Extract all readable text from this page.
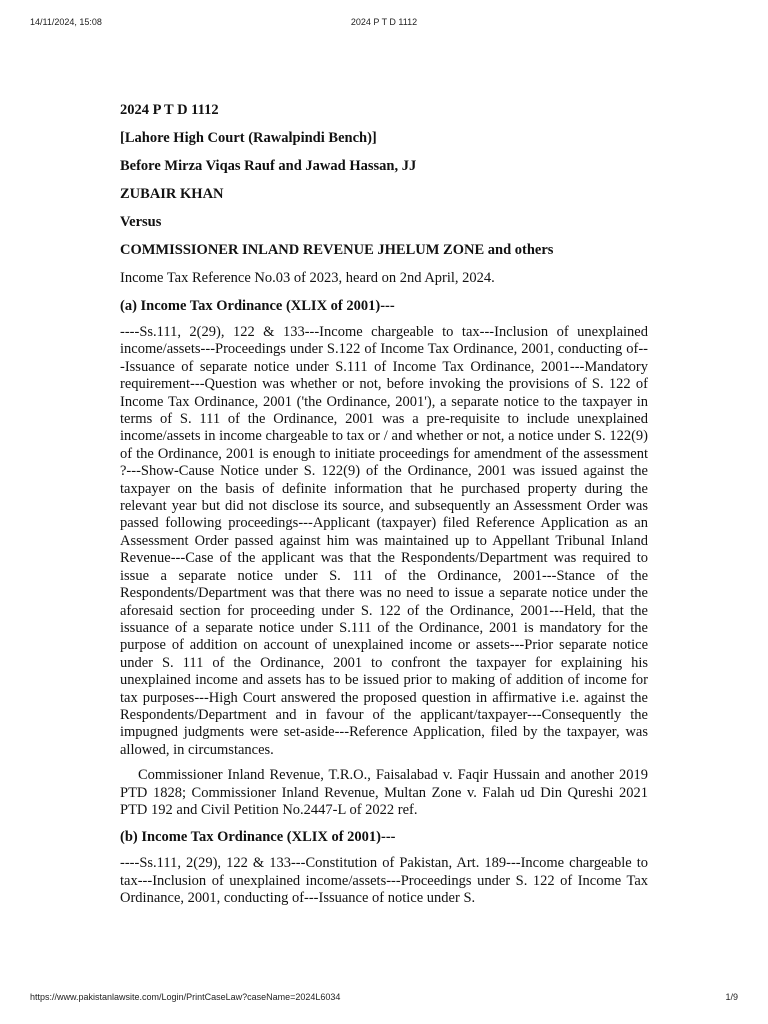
14/11/2024, 15:08	2024 P T D 1112
2024 P T D 1112
[Lahore High Court (Rawalpindi Bench)]
Before Mirza Viqas Rauf and Jawad Hassan, JJ
ZUBAIR KHAN
Versus
COMMISSIONER INLAND REVENUE JHELUM ZONE and others
Income Tax Reference No.03 of 2023, heard on 2nd April, 2024.
(a) Income Tax Ordinance (XLIX of 2001)---
----Ss.111, 2(29), 122 & 133---Income chargeable to tax---Inclusion of unexplained income/assets---Proceedings under S.122 of Income Tax Ordinance, 2001, conducting of---Issuance of separate notice under S.111 of Income Tax Ordinance, 2001---Mandatory requirement---Question was whether or not, before invoking the provisions of S. 122 of Income Tax Ordinance, 2001 ('the Ordinance, 2001'), a separate notice to the taxpayer in terms of S. 111 of the Ordinance, 2001 was a pre-requisite to include unexplained income/assets in income chargeable to tax or / and whether or not, a notice under S. 122(9) of the Ordinance, 2001 is enough to initiate proceedings for amendment of the assessment ?---Show-Cause Notice under S. 122(9) of the Ordinance, 2001 was issued against the taxpayer on the basis of definite information that he purchased property during the relevant year but did not disclose its source, and subsequently an Assessment Order was passed following proceedings---Applicant (taxpayer) filed Reference Application as an Assessment Order passed against him was maintained up to Appellant Tribunal Inland Revenue---Case of the applicant was that the Respondents/Department was required to issue a separate notice under S. 111 of the Ordinance, 2001---Stance of the Respondents/Department was that there was no need to issue a separate notice under the aforesaid section for proceeding under S. 122 of the Ordinance, 2001---Held, that the issuance of a separate notice under S.111 of the Ordinance, 2001 is mandatory for the purpose of addition on account of unexplained income or assets---Prior separate notice under S. 111 of the Ordinance, 2001 to confront the taxpayer for explaining his unexplained income and assets has to be issued prior to making of addition of income for tax purposes---High Court answered the proposed question in affirmative i.e. against the Respondents/Department and in favour of the applicant/taxpayer---Consequently the impugned judgments were set-aside---Reference Application, filed by the taxpayer, was allowed, in circumstances.
Commissioner Inland Revenue, T.R.O., Faisalabad v. Faqir Hussain and another 2019 PTD 1828; Commissioner Inland Revenue, Multan Zone v. Falah ud Din Qureshi 2021 PTD 192 and Civil Petition No.2447-L of 2022 ref.
(b) Income Tax Ordinance (XLIX of 2001)---
----Ss.111, 2(29), 122 & 133---Constitution of Pakistan, Art. 189---Income chargeable to tax---Inclusion of unexplained income/assets---Proceedings under S. 122 of Income Tax Ordinance, 2001, conducting of---Issuance of notice under S.
https://www.pakistanlawsite.com/Login/PrintCaseLaw?caseName=2024L6034	1/9
